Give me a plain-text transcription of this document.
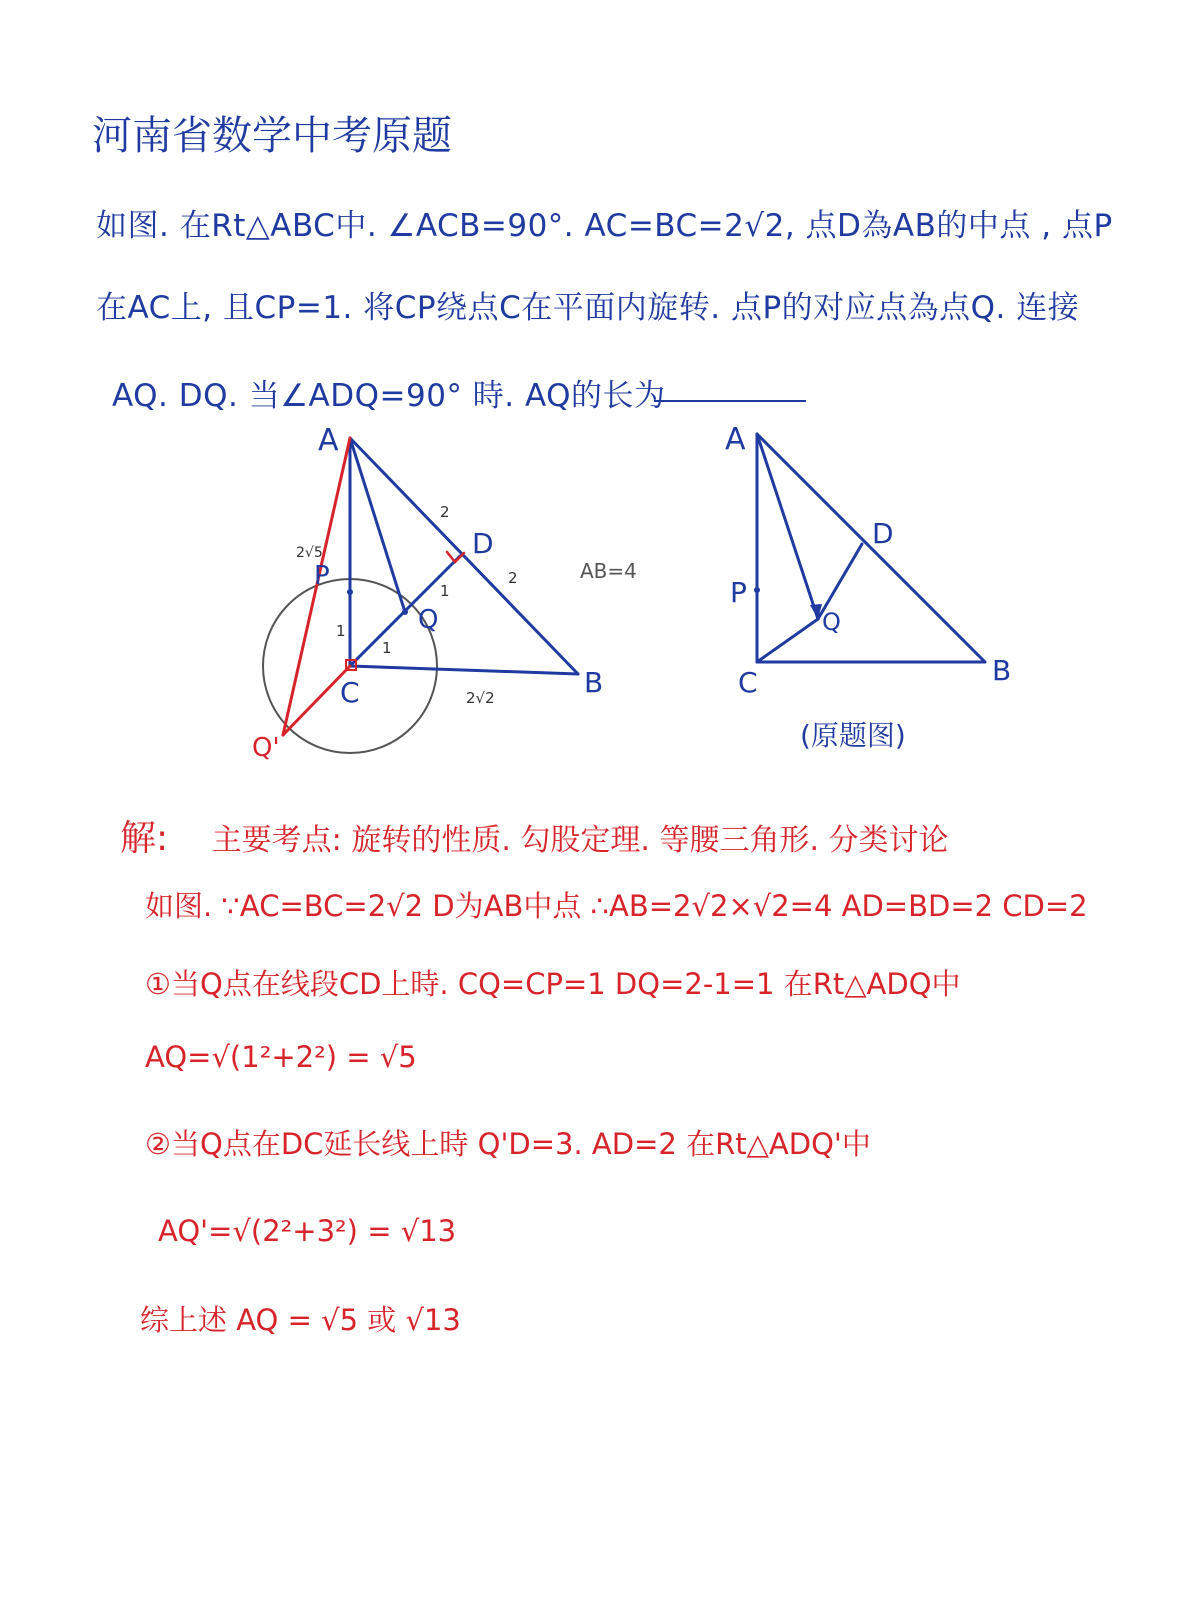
河南省数学中考原题
如图. 在Rt△ABC中. ∠ACB=90°. AC=BC=2√2, 点D為AB的中点 , 点P
在AC上, 且CP=1. 将CP绕点C在平面内旋转. 点P的对应点為点Q. 连接
AQ. DQ. 当∠ADQ=90° 時. AQ的长为
A
D
B
C
P
Q
Q'
2
2
1
1
1
2√2
2√5
AB=4
A
D
B
C
P
Q
(原题图)
解: 主要考点: 旋转的性质. 勾股定理. 等腰三角形. 分类讨论
如图. ∵AC=BC=2√2 D为AB中点 ∴AB=2√2×√2=4 AD=BD=2 CD=2
①当Q点在线段CD上時. CQ=CP=1 DQ=2-1=1 在Rt△ADQ中
AQ=√(1²+2²) = √5
②当Q点在DC延长线上時 Q'D=3. AD=2 在Rt△ADQ'中
AQ'=√(2²+3²) = √13
综上述 AQ = √5 或 √13
